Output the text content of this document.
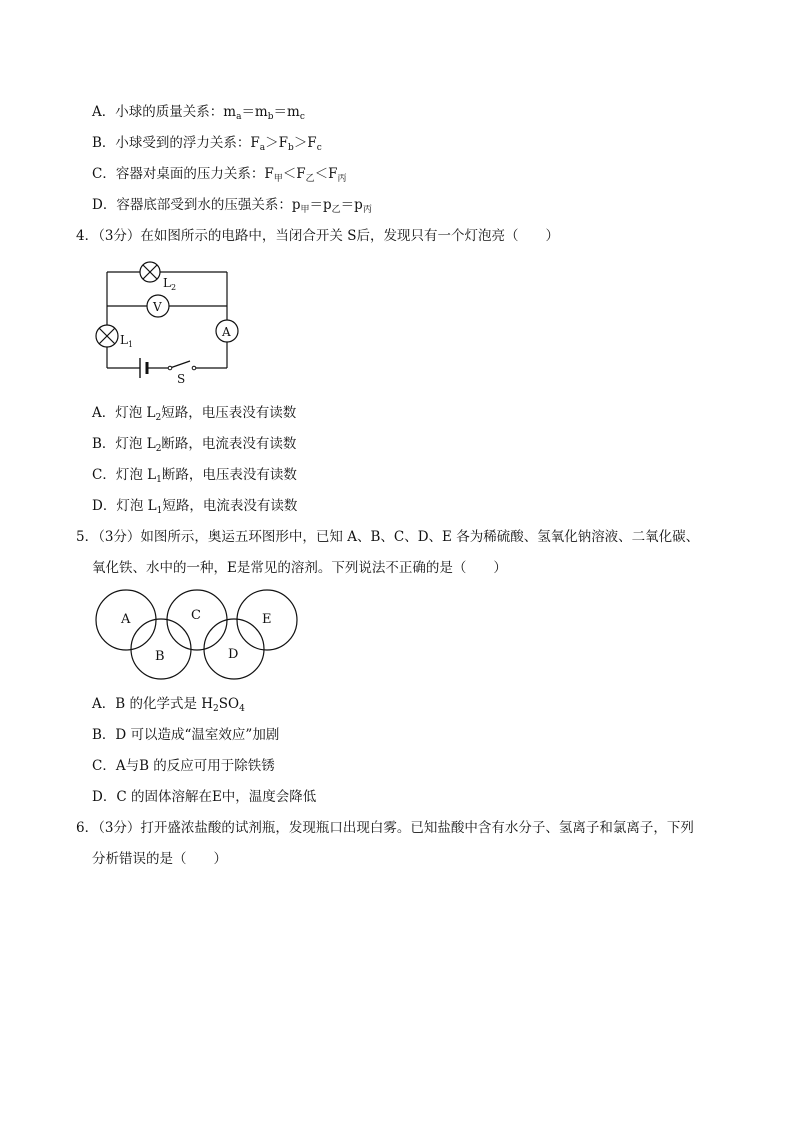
A．小球的质量关系：$m_a=m_b=m_c$
B．小球受到的浮力关系：$F_a>F_b>F_c$
C．容器对桌面的压力关系：$F_甲<F_乙<F_丙$
D．容器底部受到水的压强关系：$p_甲=p_乙=p_丙$
4．（3分）在如图所示的电路中，当闭合开关 S后，发现只有一个灯泡亮（　　）
$L_2$
V
A
$L_1$
S
A．灯泡 $L_2$短路，电压表没有读数
B．灯泡 $L_2$断路，电流表没有读数
C．灯泡 $L_1$断路，电压表没有读数
D．灯泡 $L_1$短路，电流表没有读数
5．（3分）如图所示，奥运五环图形中，已知 A、B、C、D、E 各为稀硫酸、氢氧化钠溶液、二氧化碳、
氧化铁、水中的一种，E是常见的溶剂。下列说法不正确的是（　　）
A	C	E
B	D
A．B 的化学式是 $H_2SO_4$
B．D 可以造成“温室效应”加剧
C．A与B 的反应可用于除铁锈
D．C 的固体溶解在E中，温度会降低
6．（3分）打开盛浓盐酸的试剂瓶，发现瓶口出现白雾。已知盐酸中含有水分子、氢离子和氯离子，下列
分析错误的是（　　）
